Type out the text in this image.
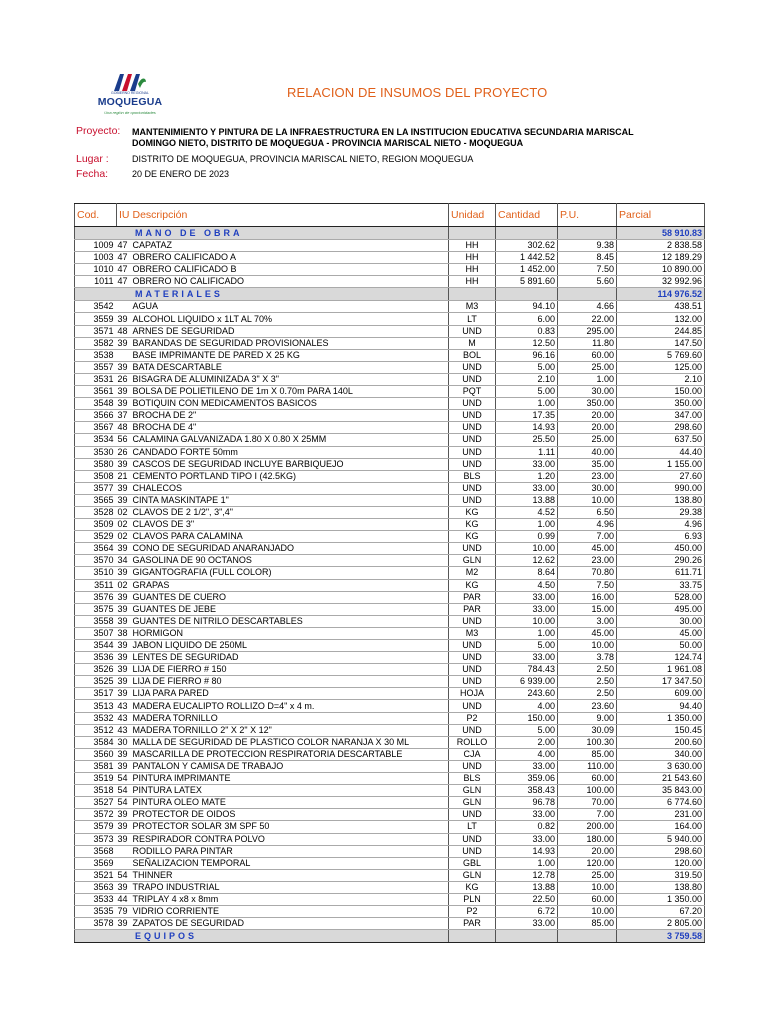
GOBIERNO REGIONAL
MOQUEGUA
Una región de oportunidades
RELACION DE INSUMOS DEL PROYECTO
Proyecto: MANTENIMIENTO Y PINTURA DE LA INFRAESTRUCTURA EN LA INSTITUCION EDUCATIVA SECUNDARIA MARISCAL DOMINGO NIETO, DISTRITO DE MOQUEGUA - PROVINCIA MARISCAL NIETO - MOQUEGUA
Lugar :	DISTRITO DE MOQUEGUA, PROVINCIA MARISCAL NIETO, REGION MOQUEGUA
Fecha:	20 DE ENERO DE 2023
Cod.	IU	Descripción	Unidad	Cantidad	P.U.	Parcial
MANO DE OBRA						58 910.83
1009	47	CAPATAZ	HH	302.62	9.38	2 838.58
1003	47	OBRERO CALIFICADO A	HH	1 442.52	8.45	12 189.29
1010	47	OBRERO CALIFICADO B	HH	1 452.00	7.50	10 890.00
1011	47	OBRERO NO CALIFICADO	HH	5 891.60	5.60	32 992.96
MATERIALES						114 976.52
3542		AGUA	M3	94.10	4.66	438.51
3559	39	ALCOHOL LIQUIDO x 1LT AL 70%	LT	6.00	22.00	132.00
3571	48	ARNES DE SEGURIDAD	UND	0.83	295.00	244.85
3582	39	BARANDAS DE SEGURIDAD PROVISIONALES	M	12.50	11.80	147.50
3538		BASE IMPRIMANTE DE PARED X 25 KG	BOL	96.16	60.00	5 769.60
3557	39	BATA DESCARTABLE	UND	5.00	25.00	125.00
3531	26	BISAGRA DE ALUMINIZADA 3" X 3"	UND	2.10	1.00	2.10
3561	39	BOLSA DE POLIETILENO DE 1m X 0.70m PARA 140L	PQT	5.00	30.00	150.00
3548	39	BOTIQUIN CON MEDICAMENTOS BASICOS	UND	1.00	350.00	350.00
3566	37	BROCHA DE 2"	UND	17.35	20.00	347.00
3567	48	BROCHA DE 4"	UND	14.93	20.00	298.60
3534	56	CALAMINA GALVANIZADA 1.80 X 0.80 X 25MM	UND	25.50	25.00	637.50
3530	26	CANDADO FORTE 50mm	UND	1.11	40.00	44.40
3580	39	CASCOS DE SEGURIDAD INCLUYE BARBIQUEJO	UND	33.00	35.00	1 155.00
3508	21	CEMENTO PORTLAND TIPO I (42.5KG)	BLS	1.20	23.00	27.60
3577	39	CHALECOS	UND	33.00	30.00	990.00
3565	39	CINTA MASKINTAPE 1"	UND	13.88	10.00	138.80
3528	02	CLAVOS DE 2 1/2", 3",4"	KG	4.52	6.50	29.38
3509	02	CLAVOS DE 3"	KG	1.00	4.96	4.96
3529	02	CLAVOS PARA CALAMINA	KG	0.99	7.00	6.93
3564	39	CONO DE SEGURIDAD ANARANJADO	UND	10.00	45.00	450.00
3570	34	GASOLINA DE 90 OCTANOS	GLN	12.62	23.00	290.26
3510	39	GIGANTOGRAFIA (FULL COLOR)	M2	8.64	70.80	611.71
3511	02	GRAPAS	KG	4.50	7.50	33.75
3576	39	GUANTES DE CUERO	PAR	33.00	16.00	528.00
3575	39	GUANTES DE JEBE	PAR	33.00	15.00	495.00
3558	39	GUANTES DE NITRILO DESCARTABLES	UND	10.00	3.00	30.00
3507	38	HORMIGON	M3	1.00	45.00	45.00
3544	39	JABON LIQUIDO DE 250ML	UND	5.00	10.00	50.00
3536	39	LENTES DE SEGURIDAD	UND	33.00	3.78	124.74
3526	39	LIJA DE FIERRO # 150	UND	784.43	2.50	1 961.08
3525	39	LIJA DE FIERRO # 80	UND	6 939.00	2.50	17 347.50
3517	39	LIJA PARA PARED	HOJA	243.60	2.50	609.00
3513	43	MADERA EUCALIPTO ROLLIZO D=4" x 4 m.	UND	4.00	23.60	94.40
3532	43	MADERA TORNILLO	P2	150.00	9.00	1 350.00
3512	43	MADERA TORNILLO 2" X 2" X 12"	UND	5.00	30.09	150.45
3584	30	MALLA DE SEGURIDAD DE PLASTICO COLOR NARANJA X 30 ML	ROLLO	2.00	100.30	200.60
3560	39	MASCARILLA DE PROTECCION RESPIRATORIA DESCARTABLE	CJA	4.00	85.00	340.00
3581	39	PANTALON Y CAMISA DE TRABAJO	UND	33.00	110.00	3 630.00
3519	54	PINTURA IMPRIMANTE	BLS	359.06	60.00	21 543.60
3518	54	PINTURA LATEX	GLN	358.43	100.00	35 843.00
3527	54	PINTURA OLEO MATE	GLN	96.78	70.00	6 774.60
3572	39	PROTECTOR DE OIDOS	UND	33.00	7.00	231.00
3579	39	PROTECTOR SOLAR 3M SPF 50	LT	0.82	200.00	164.00
3573	39	RESPIRADOR CONTRA POLVO	UND	33.00	180.00	5 940.00
3568		RODILLO PARA PINTAR	UND	14.93	20.00	298.60
3569		SEÑALIZACION TEMPORAL	GBL	1.00	120.00	120.00
3521	54	THINNER	GLN	12.78	25.00	319.50
3563	39	TRAPO INDUSTRIAL	KG	13.88	10.00	138.80
3533	44	TRIPLAY 4 x8 x 8mm	PLN	22.50	60.00	1 350.00
3535	79	VIDRIO CORRIENTE	P2	6.72	10.00	67.20
3578	39	ZAPATOS DE SEGURIDAD	PAR	33.00	85.00	2 805.00
EQUIPOS						3 759.58
